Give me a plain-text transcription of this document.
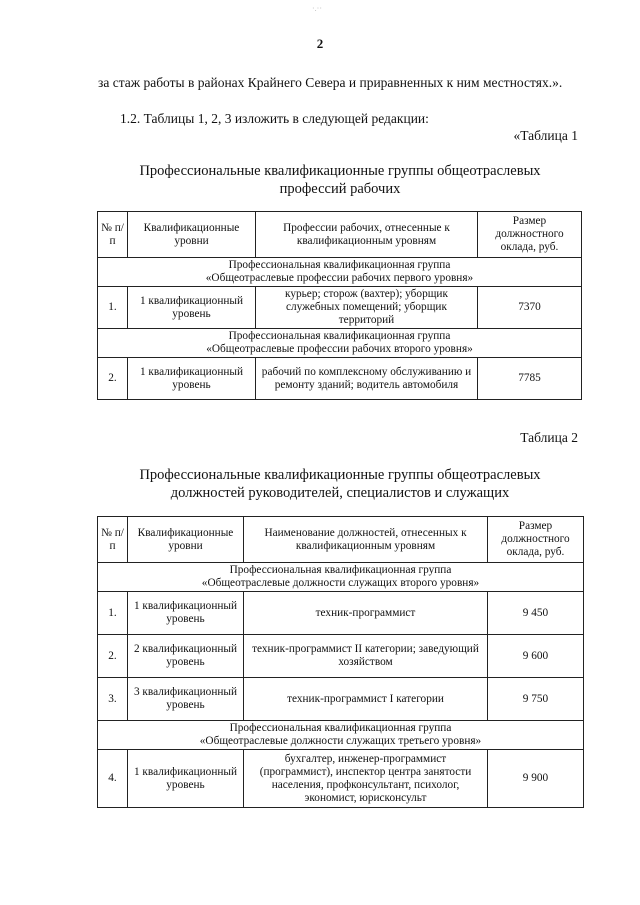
·.··
2
за стаж работы в районах Крайнего Севера и приравненных к ним местностях.».
1.2. Таблицы 1, 2, 3 изложить в следующей редакции:
«Таблица 1
Профессиональные квалификационные группы общеотраслевых
профессий рабочих
№ п/п	Квалификационные уровни	Профессии рабочих, отнесенные к квалификационным уровням	Размер должностного оклада, руб.

Профессиональная квалификационная группа
«Общеотраслевые профессии рабочих первого уровня»			

1.	1 квалификационный уровень	курьер; сторож (вахтер); уборщик служебных помещений; уборщик территорий	7370

Профессиональная квалификационная группа
«Общеотраслевые профессии рабочих второго уровня»			

2.	1 квалификационный уровень	рабочий по комплексному обслуживанию и ремонту зданий; водитель автомобиля	7785
Таблица 2
Профессиональные квалификационные группы общеотраслевых
должностей руководителей, специалистов и служащих
№ п/п	Квалификационные уровни	Наименование должностей, отнесенных к квалификационным уровням	Размер должностного оклада, руб.

Профессиональная квалификационная группа
«Общеотраслевые должности служащих второго уровня»			

1.	1 квалификационный уровень	техник-программист	9 450
2.	2 квалификационный уровень	техник-программист II категории; заведующий хозяйством	9 600
3.	3 квалификационный уровень	техник-программист I категории	9 750

Профессиональная квалификационная группа
«Общеотраслевые должности служащих третьего уровня»			

4.	1 квалификационный уровень	бухгалтер, инженер-программист (программист), инспектор центра занятости населения, профконсультант, психолог, экономист, юрисконсульт	9 900
